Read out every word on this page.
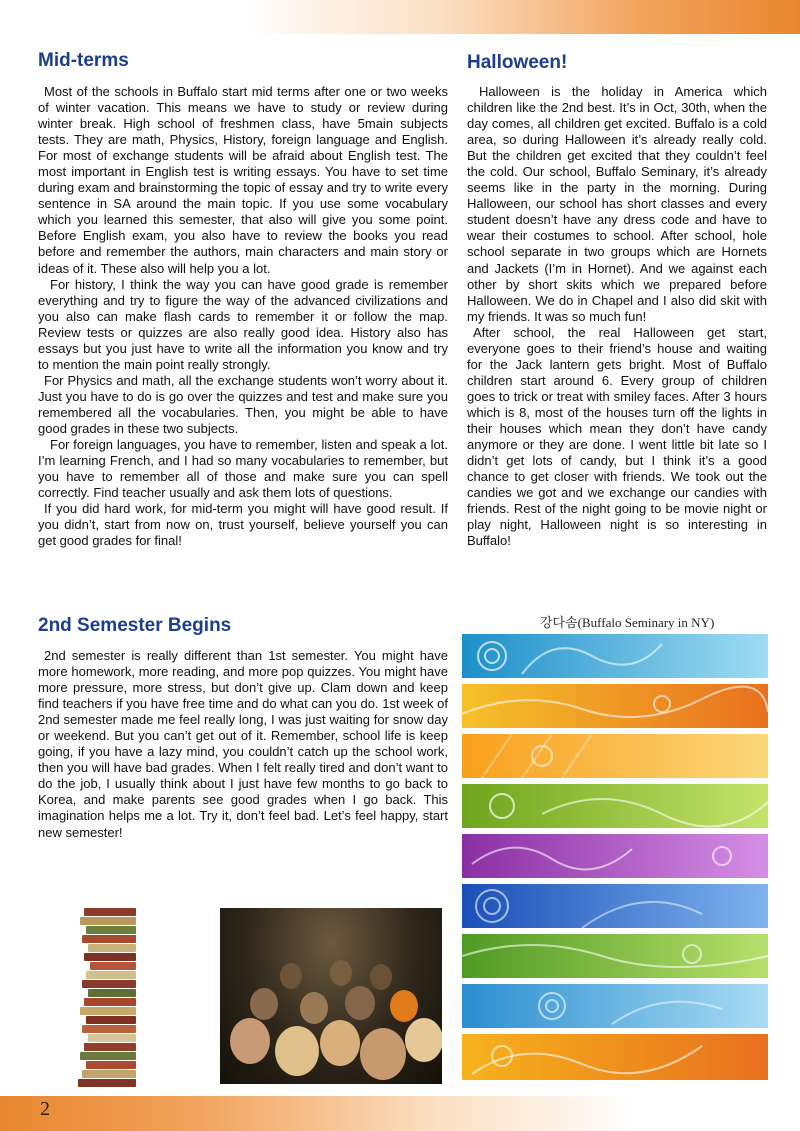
Mid-terms

Most of the schools in Buffalo start mid terms after one or two weeks of winter vacation. This means we have to study or review during winter break. High school of freshmen class, have 5main subjects tests. They are math, Physics, History, foreign language and English. For most of exchange students will be afraid about English test. The most important in English test is writing essays. You have to set time during exam and brainstorming the topic of essay and try to write every sentence in SA around the main topic. If you use some vocabulary which you learned this semester, that also will give you some point. Before English exam, you also have to review the books you read before and remember the authors, main characters and main story or ideas of it. These also will help you a lot.

For history, I think the way you can have good grade is remember everything and try to figure the way of the advanced civilizations and you also can make flash cards to remember it or follow the map. Review tests or quizzes are also really good idea. History also has essays but you just have to write all the information you know and try to mention the main point really strongly.

For Physics and math, all the exchange students won’t worry about it. Just you have to do is go over the quizzes and test and make sure you remembered all the vocabularies. Then, you might be able to have good grades in these two subjects.

For foreign languages, you have to remember, listen and speak a lot. I’m learning French, and I had so many vocabularies to remember, but you have to remember all of those and make sure you can spell correctly. Find teacher usually and ask them lots of questions.

If you did hard work, for mid-term you might will have good result. If you didn’t, start from now on, trust yourself, believe yourself you can get good grades for final!

Halloween!

Halloween is the holiday in America which children like the 2nd best. It’s in Oct, 30th, when the day comes, all children get excited. Buffalo is a cold area, so during Halloween it’s already really cold. But the children get excited that they couldn’t feel the cold. Our school, Buffalo Seminary, it’s already seems like in the party in the morning. During Halloween, our school has short classes and every student doesn’t have any dress code and have to wear their costumes to school. After school, hole school separate in two groups which are Hornets and Jackets (I’m in Hornet). And we against each other by short skits which we prepared before Halloween. We do in Chapel and I also did skit with my friends. It was so much fun!

After school, the real Halloween get start, everyone goes to their friend’s house and waiting for the Jack lantern gets bright. Most of Buffalo children start around 6. Every group of children goes to trick or treat with smiley faces. After 3 hours which is 8, most of the houses turn off the lights in their houses which mean they don’t have candy anymore or they are done. I went little bit late so I didn’t get lots of candy, but I think it’s a good chance to get closer with friends. We took out the candies we got and we exchange our candies with friends. Rest of the night going to be movie night or play night, Halloween night is so interesting in Buffalo!

강다솜(Buffalo Seminary in NY)
2nd Semester Begins

2nd semester is really different than 1st semester. You might have more homework, more reading, and more pop quizzes. You might have more pressure, more stress, but don’t give up. Clam down and keep find teachers if you have free time and do what can you do. 1st week of 2nd semester made me feel really long, I was just waiting for snow day or weekend. But you can’t get out of it. Remember, school life is keep going, if you have a lazy mind, you couldn’t catch up the school work, then you will have bad grades. When I felt really tired and don’t want to do the job, I usually think about I just have few months to go back to Korea, and make parents see good grades when I go back. This imagination helps me a lot. Try it, don’t feel bad. Let’s feel happy, start new semester!

2
